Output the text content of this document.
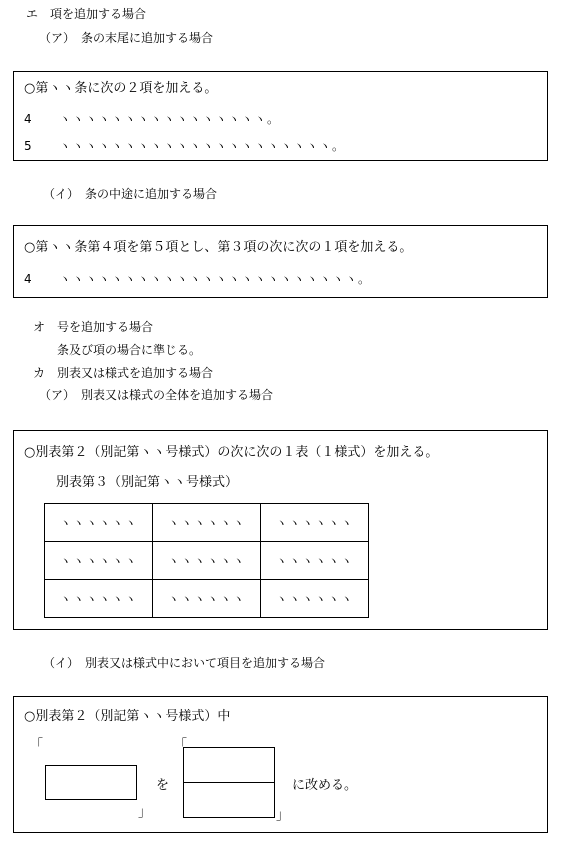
エ　項を追加する場合
（ア）　条の末尾に追加する場合
○第ヽヽ条に次の２項を加える。
4 ヽヽヽヽヽヽヽヽヽヽヽヽヽヽヽヽ。
5 ヽヽヽヽヽヽヽヽヽヽヽヽヽヽヽヽヽヽヽヽヽ。
（イ）　条の中途に追加する場合
○第ヽヽ条第４項を第５項とし、第３項の次に次の１項を加える。
4 ヽヽヽヽヽヽヽヽヽヽヽヽヽヽヽヽヽヽヽヽヽヽヽ。
オ　号を追加する場合
条及び項の場合に準じる。
カ　別表又は様式を追加する場合
（ア）　別表又は様式の全体を追加する場合
○別表第２（別記第ヽヽ号様式）の次に次の１表（１様式）を加える。
別表第３（別記第ヽヽ号様式）
ヽヽヽヽヽヽ	ヽヽヽヽヽヽ	ヽヽヽヽヽヽ
ヽヽヽヽヽヽ	ヽヽヽヽヽヽ	ヽヽヽヽヽヽ
ヽヽヽヽヽヽ	ヽヽヽヽヽヽ	ヽヽヽヽヽヽ
（イ）　別表又は様式中において項目を追加する場合
○別表第２（別記第ヽヽ号様式）中
「
」
を
「
」
に改める。
